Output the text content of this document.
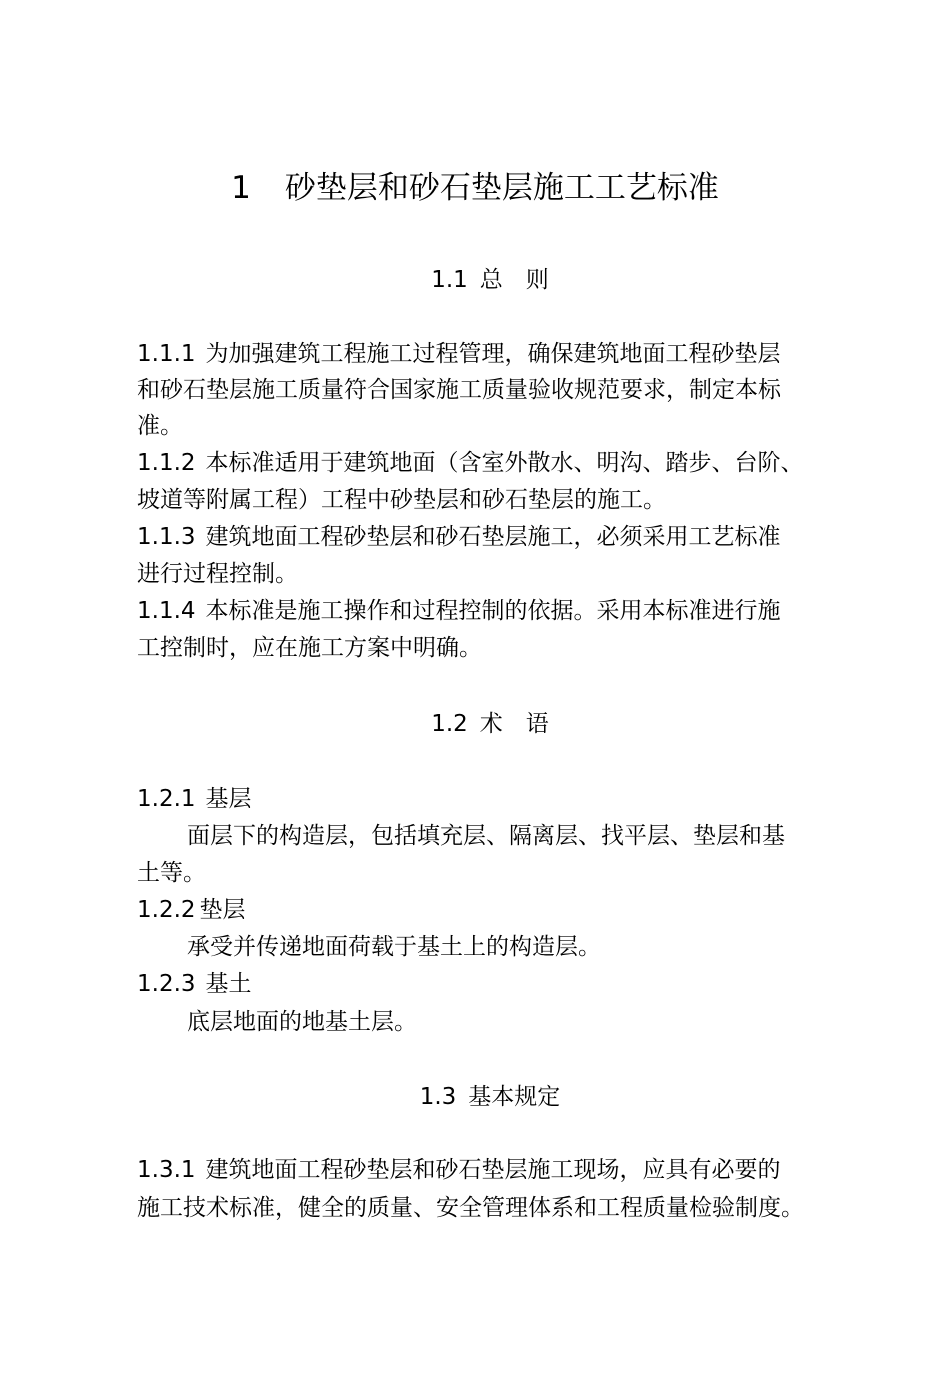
1 砂垫层和砂石垫层施工工艺标准
1.1 总　则
1.1.1 为加强建筑工程施工过程管理，确保建筑地面工程砂垫层
和砂石垫层施工质量符合国家施工质量验收规范要求，制定本标
准。
1.1.2 本标准适用于建筑地面（含室外散水、明沟、踏步、台阶、
坡道等附属工程）工程中砂垫层和砂石垫层的施工。
1.1.3 建筑地面工程砂垫层和砂石垫层施工，必须采用工艺标准
进行过程控制。
1.1.4 本标准是施工操作和过程控制的依据。采用本标准进行施
工控制时，应在施工方案中明确。
1.2 术　语
1.2.1 基层
面层下的构造层，包括填充层、隔离层、找平层、垫层和基
土等。
1.2.2 垫层
承受并传递地面荷载于基土上的构造层。
1.2.3 基土
底层地面的地基土层。
1.3 基本规定
1.3.1 建筑地面工程砂垫层和砂石垫层施工现场，应具有必要的
施工技术标准，健全的质量、安全管理体系和工程质量检验制度。
